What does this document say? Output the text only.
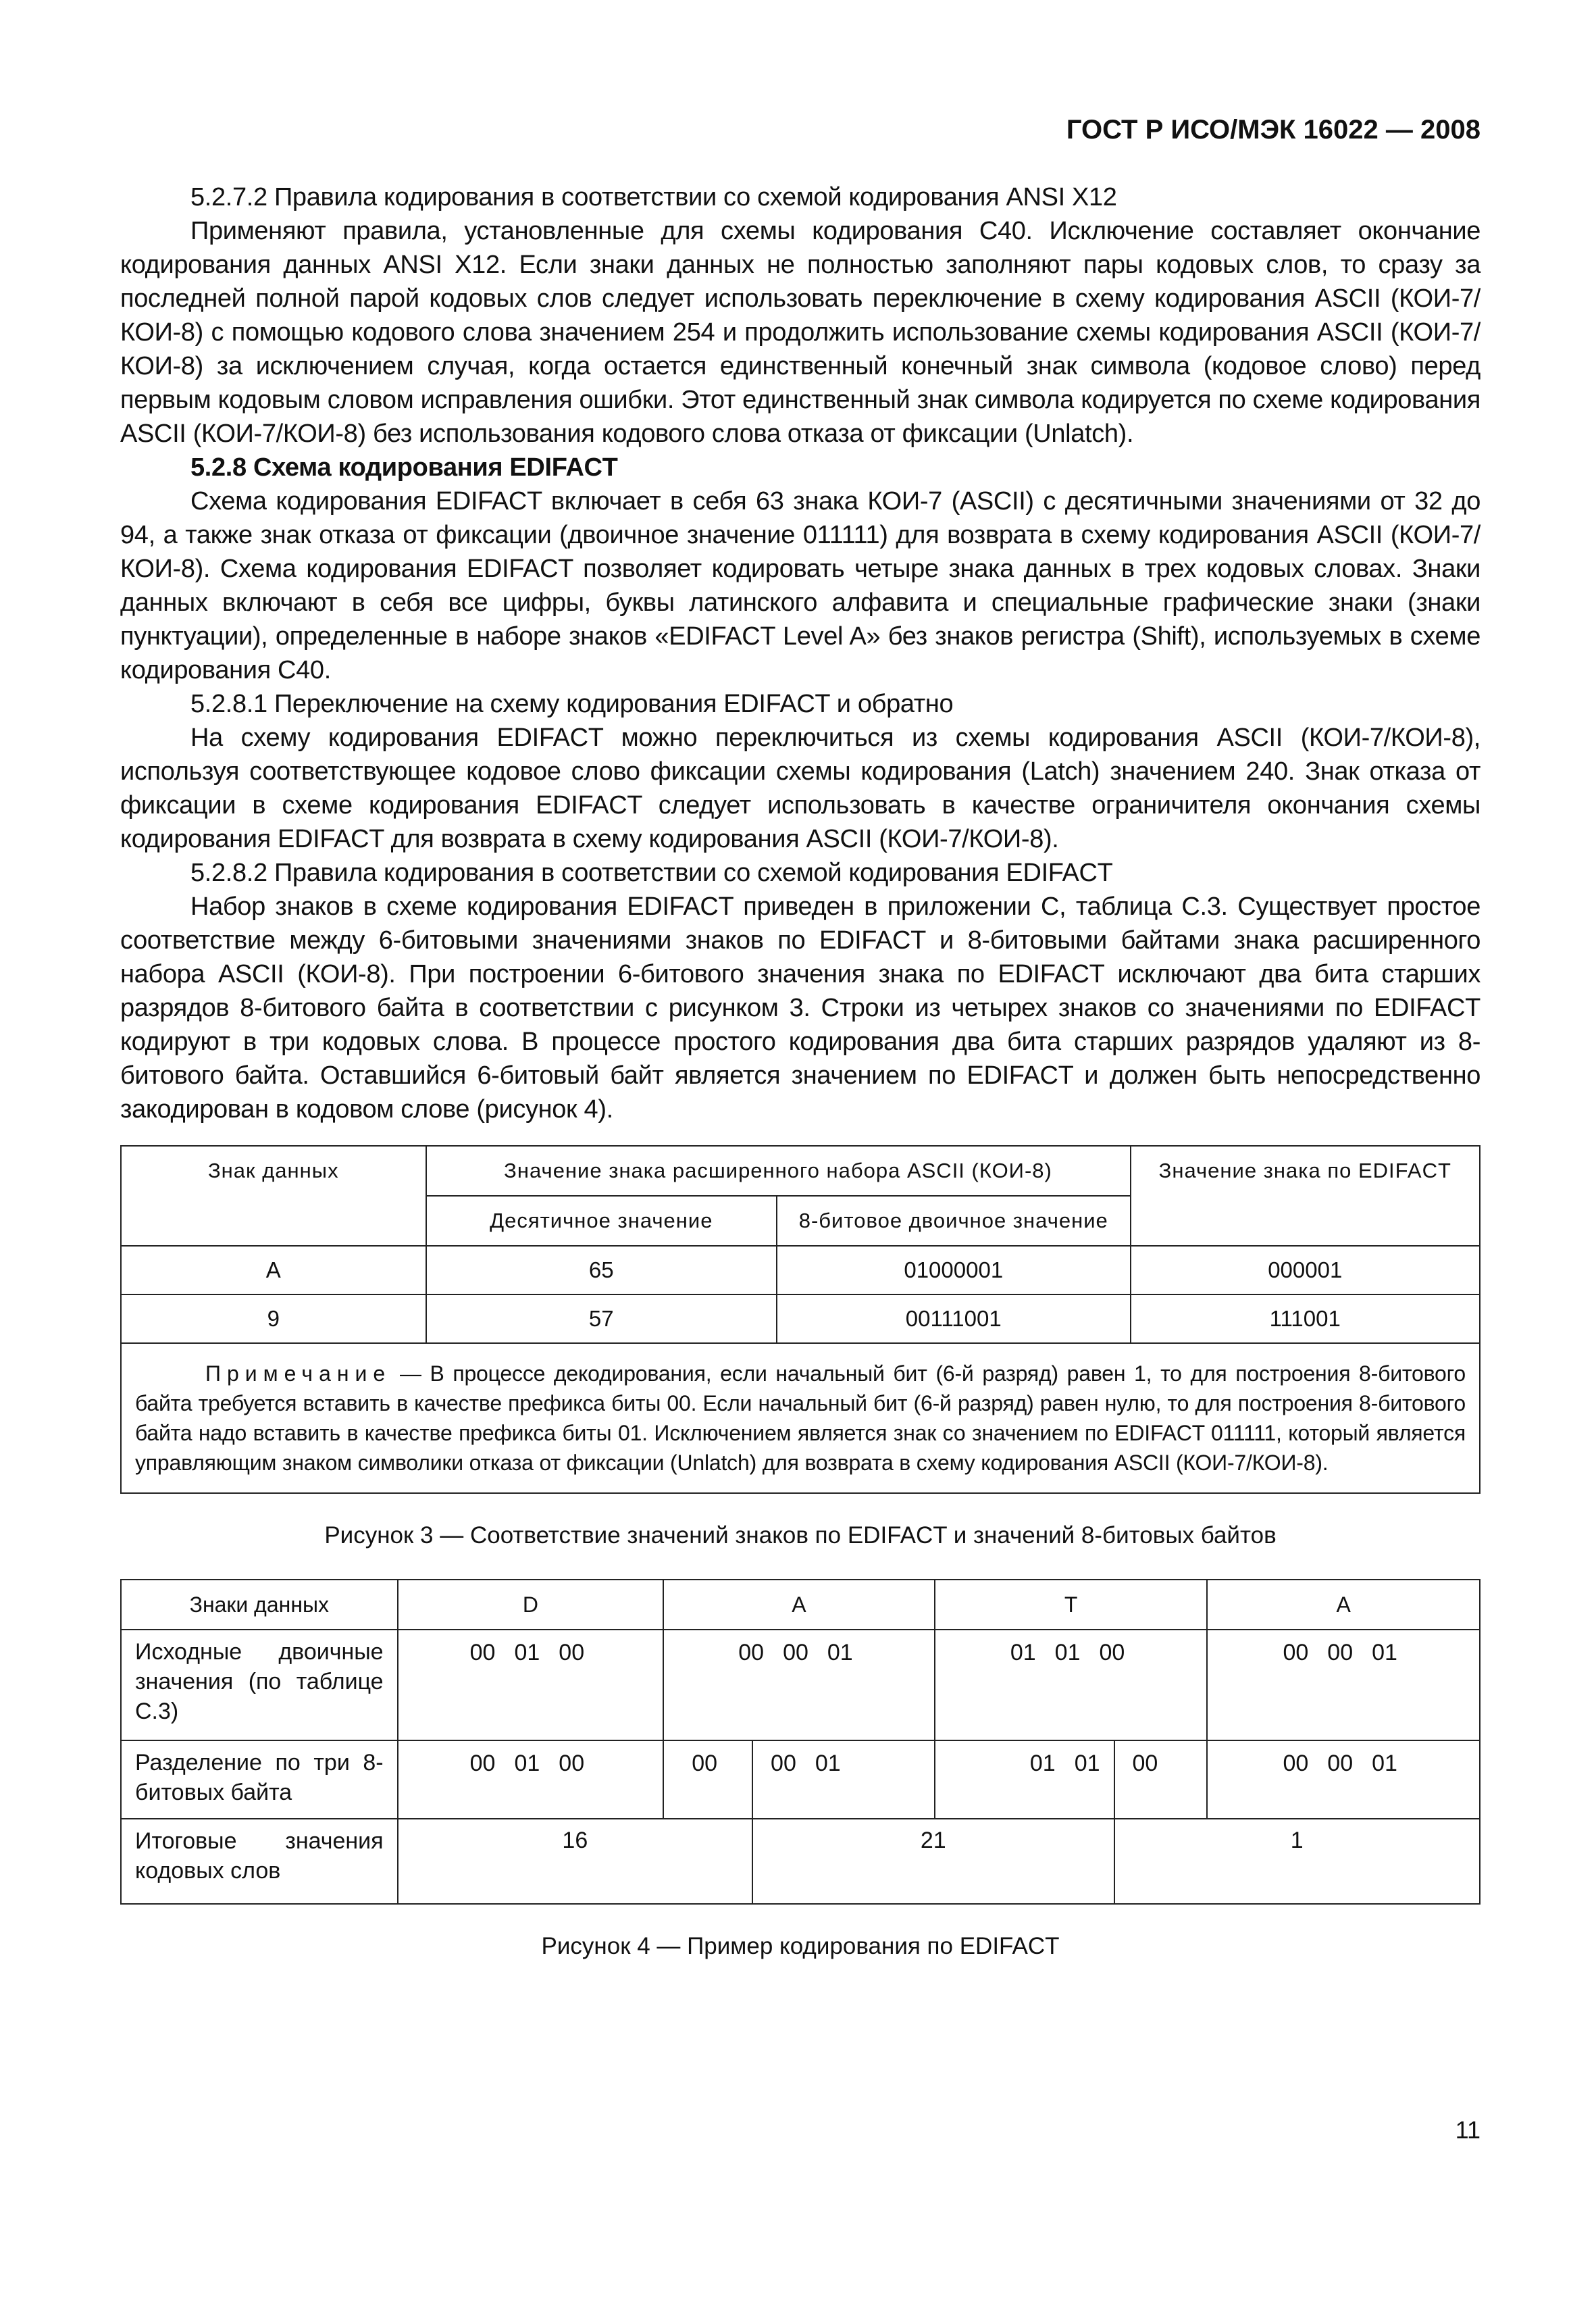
ГОСТ Р ИСО/МЭК 16022 — 2008

5.2.7.2 Правила кодирования в соответствии со схемой кодирования ANSI X12

Применяют правила, установленные для схемы кодирования С40. Исключение составляет окончание кодирования данных ANSI X12. Если знаки данных не полностью заполняют пары кодовых слов, то сразу за последней полной парой кодовых слов следует использовать переключение в схему кодирования ASCII (КОИ-7/КОИ-8) с помощью кодового слова значением 254 и продолжить использование схемы кодирования ASCII (КОИ-7/КОИ-8) за исключением случая, когда остается единственный конечный знак символа (кодовое слово) перед первым кодовым словом исправления ошибки. Этот единственный знак символа кодируется по схеме кодирования ASCII (КОИ-7/КОИ-8) без использования кодового слова отказа от фиксации (Unlatch).

5.2.8 Схема кодирования EDIFACT

Схема кодирования EDIFACT включает в себя 63 знака КОИ-7 (ASCII) с десятичными значениями от 32 до 94, а также знак отказа от фиксации (двоичное значение 011111) для возврата в схему кодирования ASCII (КОИ-7/КОИ-8). Схема кодирования EDIFACT позволяет кодировать четыре знака данных в трех кодовых словах. Знаки данных включают в себя все цифры, буквы латинского алфавита и специальные графические знаки (знаки пунктуации), определенные в наборе знаков «EDIFACT Level A» без знаков регистра (Shift), используемых в схеме кодирования С40.

5.2.8.1 Переключение на схему кодирования EDIFACT и обратно

На схему кодирования EDIFACT можно переключиться из схемы кодирования ASCII (КОИ-7/КОИ-8), используя соответствующее кодовое слово фиксации схемы кодирования (Latch) значением 240. Знак отказа от фиксации в схеме кодирования EDIFACT следует использовать в качестве ограничителя окончания схемы кодирования EDIFACT для возврата в схему кодирования ASCII (КОИ-7/КОИ-8).

5.2.8.2 Правила кодирования в соответствии со схемой кодирования EDIFACT

Набор знаков в схеме кодирования EDIFACT приведен в приложении С, таблица С.3. Существует простое соответствие между 6-битовыми значениями знаков по EDIFACT и 8-битовыми байтами знака расширенного набора ASCII (КОИ-8). При построении 6-битового значения знака по EDIFACT исключают два бита старших разрядов 8-битового байта в соответствии с рисунком 3. Строки из четырех знаков со значениями по EDIFACT кодируют в три кодовых слова. В процессе простого кодирования два бита старших разрядов удаляют из 8-битового байта. Оставшийся 6-битовый байт является значением по EDIFACT и должен быть непосредственно закодирован в кодовом слове (рисунок 4).

Знак данных	Значение знака расширенного набора ASCII (КОИ-8)		Значение знака по EDIFACT
	Десятичное значение	8-битовое двоичное значение	
A	65	01000001	000001
9	57	00111001	111001
Примечание — В процессе декодирования, если начальный бит (6-й разряд) равен 1, то для построения 8-битового байта требуется вставить в качестве префикса биты 00. Если начальный бит (6-й разряд) равен нулю, то для построения 8-битового байта надо вставить в качестве префикса биты 01. Исключением является знак со значением по EDIFACT 011111, который является управляющим знаком символики отказа от фиксации (Unlatch) для возврата в схему кодирования ASCII (КОИ-7/КОИ-8).			
Рисунок 3 — Соответствие значений знаков по EDIFACT и значений 8-битовых байтов
Знаки данных	D	A		T		A
Исходные двоичные значения (по таблице С.3)	00 01 00	00 00 01		01 01 00		00 00 01
Разделение по три 8-битовых байта	00 01 00	00	00 01	01 01	00	00 00 01
Итоговые значения кодовых слов	16		21		1	
Рисунок 4 — Пример кодирования по EDIFACT
11
